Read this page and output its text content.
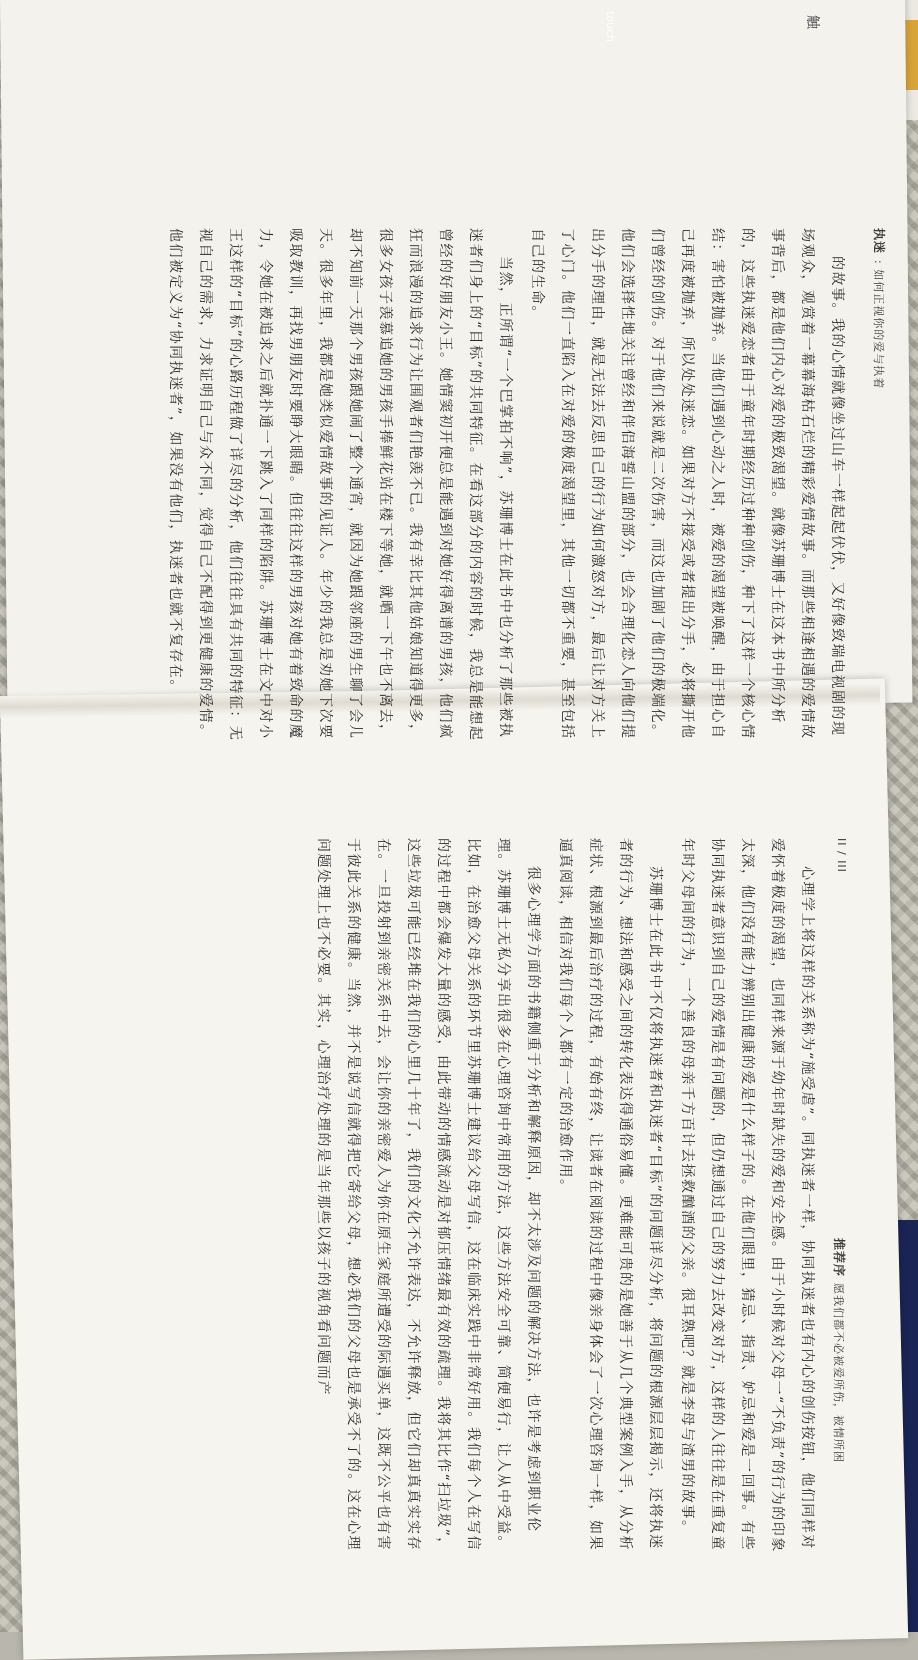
执迷: 如何正视你的爱与执着

的故事。我的心情就像坐过山车一样起起伏伏，又好像致瑞电视剧的现场观众，观赏着一幕幕海枯石烂的精彩爱情故事。而那些相逢相遇的爱情故事背后，都是他们内心对爱的极致渴望。就像苏珊博士在这本书中所分析的，这些执迷爱恋者由于童年时期经历过种种创伤，种下了这样一个核心情结：害怕被抛弃。当他们遇到心动之人时，被爱的渴望被唤醒，由于担心自己再度被抛弃，所以处处迷恋。如果对方不接受或者提出分手，必将撕开他们曾经的创伤。对于他们来说就是二次伤害，而这也加剧了他们的极端化。他们会选择性地关注曾经和伴侣海誓山盟的部分，也会合理化恋人向他们提出分手的理由，就是无法去反思自己的行为如何激怒对方，最后让对方关上了心门。他们一直陷入在对爱的极度渴望里，其他一切都不重要，甚至包括自己的生命。

当然，正所谓“一个巴掌拍不响”，苏珊博士在此书中也分析了那些被执迷者们身上的“目标”的共同特征。在看这部分的内容的时候，我总是能想起曾经的好朋友小王。她情窦初开便总是能遇到对她好得离谱的男孩，他们疯狂而浪漫的追求行为让围观者们艳羡不已。我有幸比其他姑娘知道得更多，很多女孩子羡慕追她的男孩手捧鲜花站在楼下等她，就晒一下午也不离去，却不知前一天那个男孩跟她闹了整个通宵，就因为她跟邻座的男生聊了会儿天。很多年里，我都是她类似爱情故事的见证人。年少的我总是劝她下次要吸取教训，再找男朋友时要睁大眼睛。但往往这样的男孩对她有着致命的魔力，令她在被追求之后就扑通一下跳入了同样的陷阱。苏珊博士在文中对小王这样的“目标”的心路历程做了详尽的分析，他们往往具有共同的特征：无视自己的需求，力求证明自己与众不同，觉得自己不配得到更健康的爱情。他们被定义为“协同执迷者”，如果没有他们，执迷者也就不复存在。

推荐序愿我们都不必被爱所伤，被情所困
II / III

心理学上将这样的关系称为“施受虐”。同执迷者一样，协同执迷者也有内心的创伤按钮，他们同样对爱怀着极度的渴望，也同样来源于幼年时缺失的爱和安全感。由于小时候对父母一“不负责”的行为的印象太深，他们没有能力辨别出健康的爱是什么样子的。在他们眼里，猜忌、指责、妒忌和爱是一回事。有些协同执迷者意识到自己的爱情是有问题的，但仍想通过自己的努力去改变对方，这样的人往往是在重复童年时父母间的行为，一个善良的母亲千方百计去拯救酗酒的父亲。很耳熟吧？就是李母与渣男的故事。

苏珊博士在此书中不仅将执迷者和执迷者“目标”的问题详尽分析，将问题的根源层层揭示，还将执迷者的行为、想法和感受之间的转化表达得通俗易懂。更难能可贵的是她善于从几个典型案例入手，从分析症状、根源到最后治疗的过程，有始有终，让读者在阅读的过程中像亲身体会了一次心理咨询一样，如果逼真阅读，相信对我们每个人都有一定的治愈作用。

很多心理学方面的书籍侧重于分析和解释原因，却不太涉及问题的解决方法，也许是考虑到职业伦理。苏珊博士无私分享出很多在心理咨询中常用的方法，这些方法安全可靠、简便易行，让人从中受益。比如，在治愈父母关系的环节里苏珊博士建议给父母写信，这在临床实践中非常好用。我们每个人在写信的过程中都会爆发大量的感受，由此带动的情感流动是对郁压情绪最有效的疏理。我将其比作“扫垃圾”，这些垃圾可能已经堆在我们的心里几十年了，我们的文化不允许表达，不允许释放，但它们却真真实实存在。一旦投射到亲密关系中去，会让你的亲密爱人为你在原生家庭所遭受的际遇买单，这既不公平也有害于彼此关系的健康。当然，并不是说写信就得把它寄给父母，想必我们的父母也是承受不了的。这在心理问题处理上也不必要。其实，心理治疗处理的是当年那些以孩子的视角看问题而产

触
touch
